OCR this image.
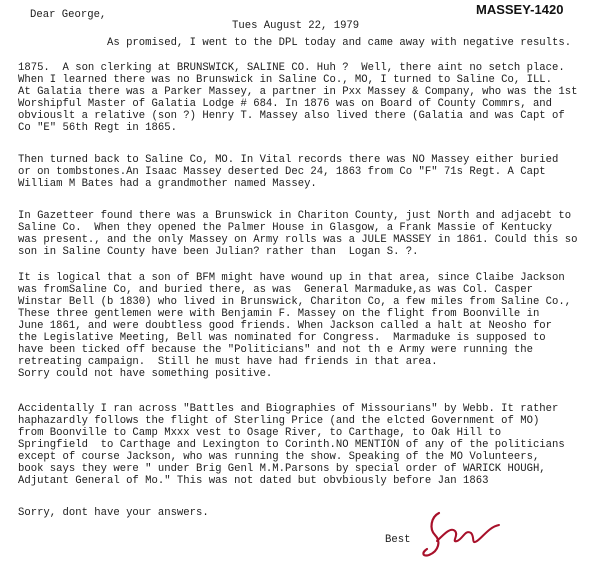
MASSEY-1420
Dear George,
Tues August 22, 1979
As promised, I went to the DPL today and came away with negative results.
1875.  A son clerking at BRUNSWICK, SALINE CO. Huh ?  Well, there aint no setch place.
When I learned there was no Brunswick in Saline Co., MO, I turned to Saline Co, ILL.
At Galatia there was a Parker Massey, a partner in Pxx Massey & Company, who was the 1st
Worshipful Master of Galatia Lodge # 684. In 1876 was on Board of County Commrs, and
obviouslt a relative (son ?) Henry T. Massey also lived there (Galatia and was Capt of
Co "E" 56th Regt in 1865.
Then turned back to Saline Co, MO. In Vital records there was NO Massey either buried
or on tombstones.An Isaac Massey deserted Dec 24, 1863 from Co "F" 71s Regt. A Capt
William M Bates had a grandmother named Massey.
In Gazetteer found there was a Brunswick in Chariton County, just North and adjacebt to
Saline Co.  When they opened the Palmer House in Glasgow, a Frank Massie of Kentucky
was present., and the only Massey on Army rolls was a JULE MASSEY in 1861. Could this so
son in Saline County have been Julian? rather than  Logan S. ?.
It is logical that a son of BFM might have wound up in that area, since Claibe Jackson
was fromSaline Co, and buried there, as was  General Marmaduke,as was Col. Casper
Winstar Bell (b 1830) who lived in Brunswick, Chariton Co, a few miles from Saline Co.,
These three gentlemen were with Benjamin F. Massey on the flight from Boonville in
June 1861, and were doubtless good friends. When Jackson called a halt at Neosho for
the Legislative Meeting, Bell was nominated for Congress.  Marmaduke is supposed to
have been ticked off because the "Politicians" and not th e Army were running the
retreating campaign.  Still he must have had friends in that area.
Sorry could not have something positive.
Accidentally I ran across "Battles and Biographies of Missourians" by Webb. It rather
haphazardly follows the flight of Sterling Price (and the elcted Government of MO)
from Boonville to Camp Mxxx vest to Osage River, to Carthage, to Oak Hill to
Springfield  to Carthage and Lexington to Corinth.NO MENTION of any of the politicians
except of course Jackson, who was running the show. Speaking of the MO Volunteers,
book says they were " under Brig Genl M.M.Parsons by special order of WARICK HOUGH,
Adjutant General of Mo." This was not dated but obvbiously before Jan 1863
Sorry, dont have your answers.
Best
